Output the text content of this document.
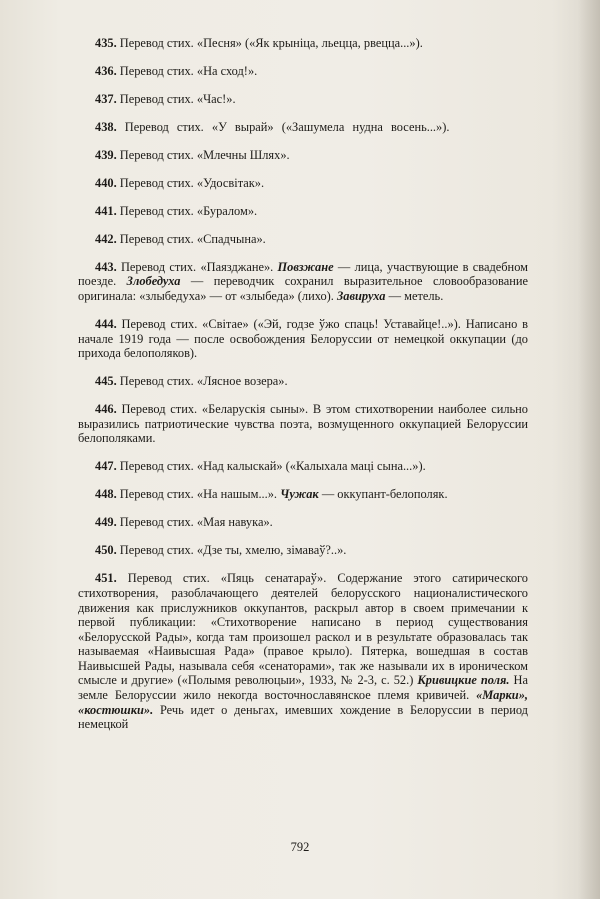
435. Перевод стих. «Песня» («Як крыніца, льецца, рвецца...»).

436. Перевод стих. «На сход!».

437. Перевод стих. «Час!».

438. Перевод стих. «У вырай» («Зашумела нудна восень...»).

439. Перевод стих. «Млечны Шлях».

440. Перевод стих. «Удосвітак».

441. Перевод стих. «Буралом».

442. Перевод стих. «Спадчына».

443. Перевод стих. «Паязджане». Повзжане — лица, участвующие в свадебном поезде. Злобедуха — переводчик сохранил выразительное словообразование оригинала: «злыбедуха» — от «злыбеда» (лихо). Завируха — метель.

444. Перевод стих. «Світае» («Эй, годзе ўжо спаць! Уставайце!..»). Написано в начале 1919 года — после освобождения Белоруссии от немецкой оккупации (до прихода белополяков).

445. Перевод стих. «Лясное возера».

446. Перевод стих. «Беларускія сыны». В этом стихотворении наиболее сильно выразились патриотические чувства поэта, возмущенного оккупацией Белоруссии белополяками.

447. Перевод стих. «Над калыскай» («Калыхала маці сына...»).

448. Перевод стих. «На нашым...». Чужак — оккупант-белополяк.

449. Перевод стих. «Мая навука».

450. Перевод стих. «Дзе ты, хмелю, зімаваў?..».

451. Перевод стих. «Пяць сенатараў». Содержание этого сатирического стихотворения, разоблачающего деятелей белорусского националистического движения как прислужников оккупантов, раскрыл автор в своем примечании к первой публикации: «Стихотворение написано в период существования «Белорусской Рады», когда там произошел раскол и в результате образовалась так называемая «Наивысшая Рада» (правое крыло). Пятерка, вошедшая в состав Наивысшей Рады, называла себя «сенаторами», так же называли их в ироническом смысле и другие» («Полымя революцыи», 1933, № 2-3, с. 52.) Кривицкие поля. На земле Белоруссии жило некогда восточнославянское племя кривичей. «Марки», «костюшки». Речь идет о деньгах, имевших хождение в Белоруссии в период немецкой

792
